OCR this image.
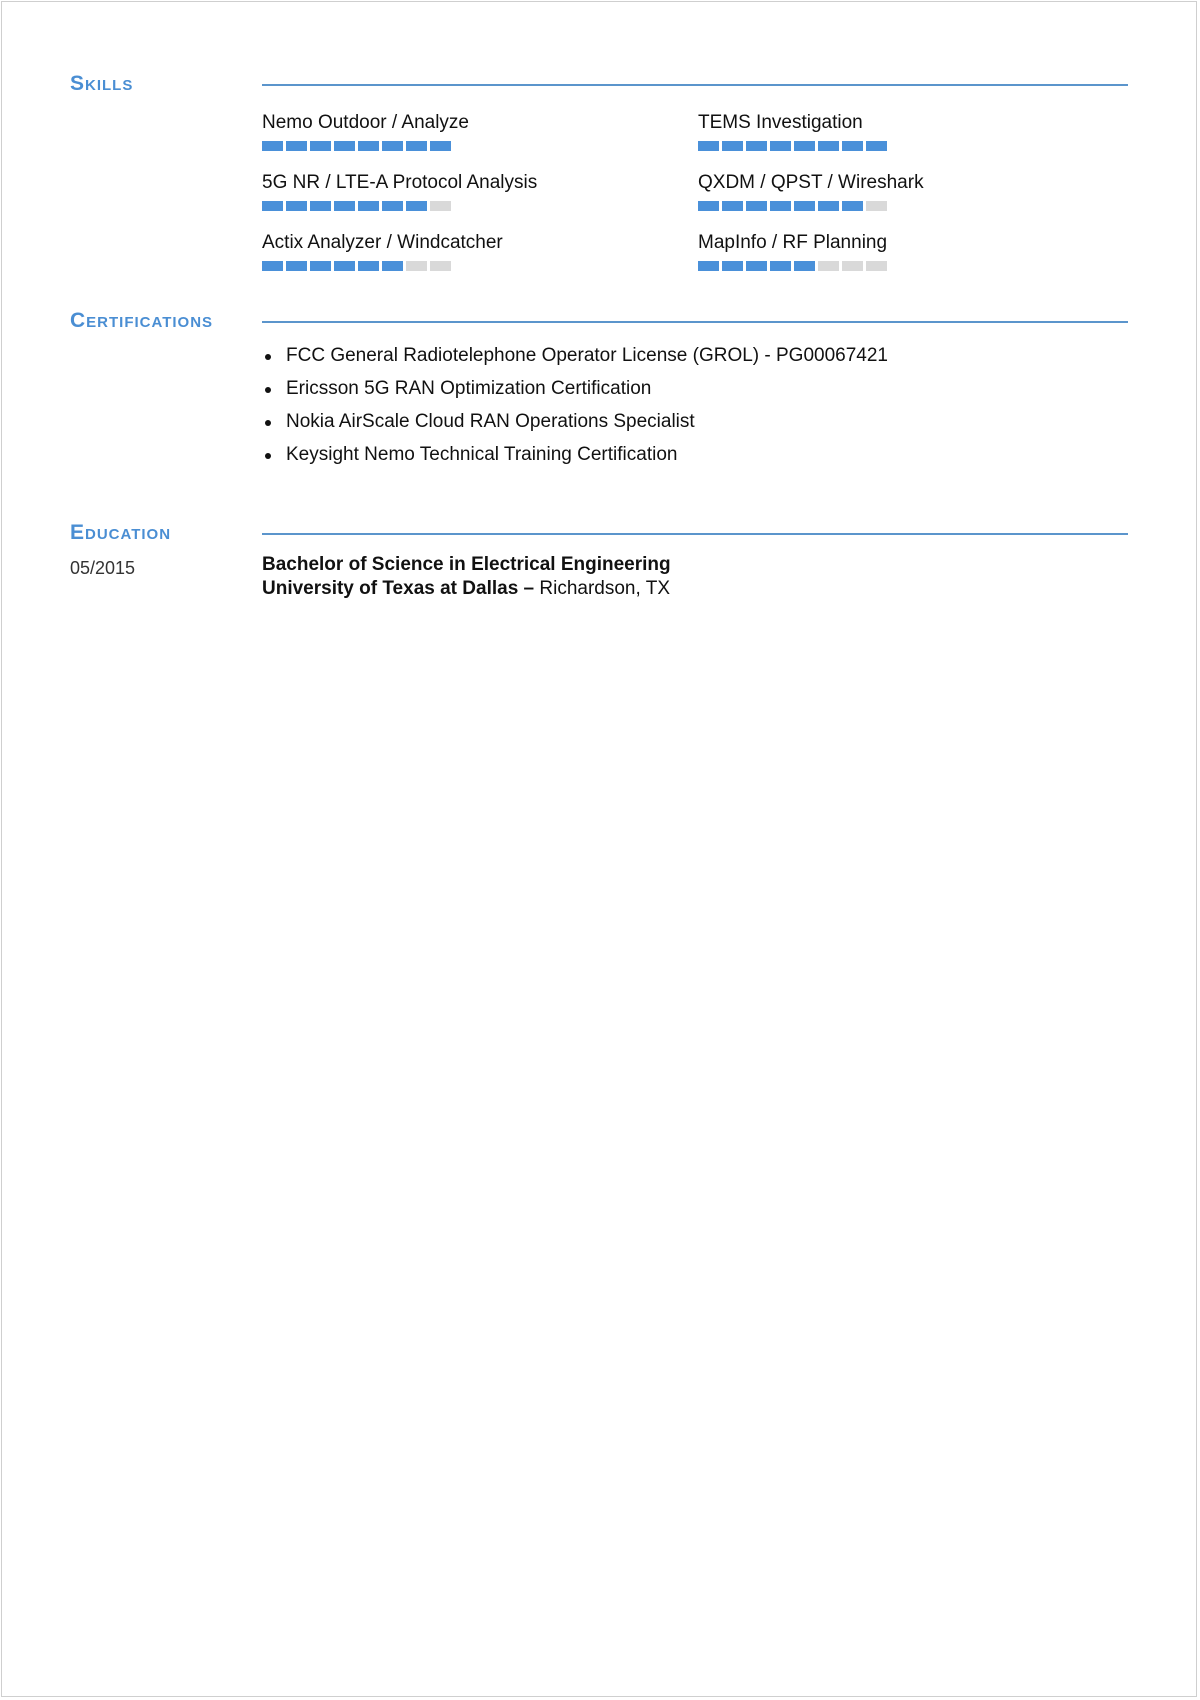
Skills
Nemo Outdoor / Analyze	TEMS Investigation
5G NR / LTE-A Protocol Analysis	QXDM / QPST / Wireshark
Actix Analyzer / Windcatcher	MapInfo / RF Planning
Certifications
FCC General Radiotelephone Operator License (GROL) - PG00067421
Ericsson 5G RAN Optimization Certification
Nokia AirScale Cloud RAN Operations Specialist
Keysight Nemo Technical Training Certification
Education
05/2015	Bachelor of Science in Electrical Engineering
University of Texas at Dallas – Richardson, TX
